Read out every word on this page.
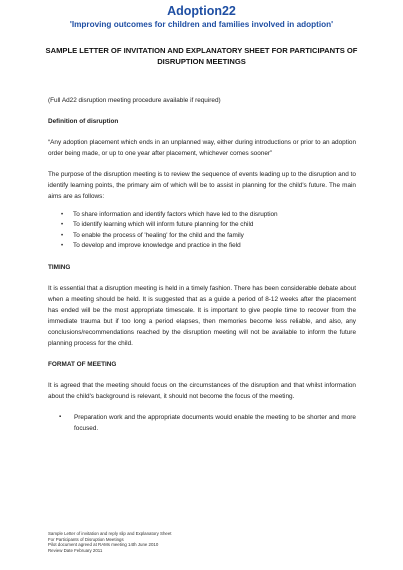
Adoption22
'Improving outcomes for children and families involved in adoption'
SAMPLE LETTER OF INVITATION AND EXPLANATORY SHEET FOR PARTICIPANTS OF DISRUPTION MEETINGS
(Full Ad22 disruption meeting procedure available if required)
Definition of disruption
“Any adoption placement which ends in an unplanned way, either during introductions or prior to an adoption order being made, or up to one year after placement, whichever comes sooner”
The purpose of the disruption meeting is to review the sequence of events leading up to the disruption and to identify learning points, the primary aim of which will be to assist in planning for the child's future. The main aims are as follows:
• To share information and identify factors which have led to the disruption
• To identify learning which will inform future planning for the child
• To enable the process of 'healing' for the child and the family
• To develop and improve knowledge and practice in the field
TIMING
It is essential that a disruption meeting is held in a timely fashion. There has been considerable debate about when a meeting should be held. It is suggested that as a guide a period of 8-12 weeks after the placement has ended will be the most appropriate timescale. It is important to give people time to recover from the immediate trauma but if too long a period elapses, then memories become less reliable, and also, any conclusions/recommendations reached by the disruption meeting will not be available to inform the future planning process for the child.
FORMAT OF MEETING
It is agreed that the meeting should focus on the circumstances of the disruption and that whilst information about the child's background is relevant, it should not become the focus of the meeting.
▪ Preparation work and the appropriate documents would enable the meeting to be shorter and more focused.
Sample Letter of invitation and reply slip and Explanatory Sheet
For Participants of Disruption Meetings
Pilot document agreed at RAMs meeting 14th June 2010
Review Date February 2011
